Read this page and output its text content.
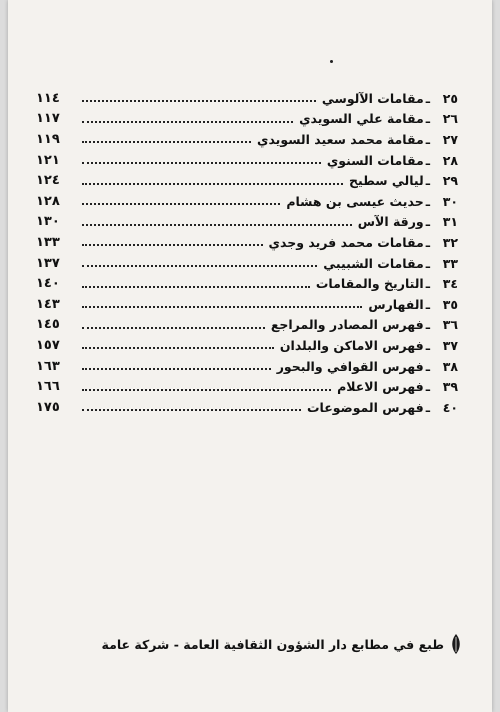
٢٥
ـ
مقامات الآلوسي
١١٤
٢٦
ـ
مقامة علي السويدي
١١٧
٢٧
ـ
مقامة محمد سعيد السويدي
١١٩
٢٨
ـ
مقامات السنوي
١٢١
٢٩
ـ
ليالي سطيح
١٢٤
٣٠
ـ
حديث عيسى بن هشام
١٢٨
٣١
ـ
ورقة الآس
١٣٠
٣٢
ـ
مقامات محمد فريد وجدي
١٣٣
٣٣
ـ
مقامات الشبيبي
١٣٧
٣٤
ـ
التاريخ والمقامات
١٤٠
٣٥
ـ
الفهارس
١٤٣
٣٦
ـ
فهرس المصادر والمراجع
١٤٥
٣٧
ـ
فهرس الاماكن والبلدان
١٥٧
٣٨
ـ
فهرس القوافي والبحور
١٦٣
٣٩
ـ
فهرس الاعلام
١٦٦
٤٠
ـ
فهرس الموضوعات
١٧٥
طبع في مطابع دار الشؤون الثقافية العامة - شركة عامة
